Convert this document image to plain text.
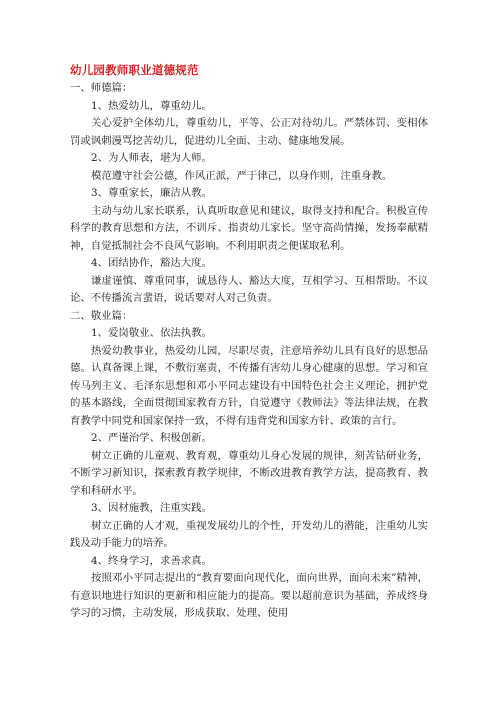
幼儿园教师职业道德规范
一、师德篇：
1、热爱幼儿，尊重幼儿。
关心爱护全体幼儿，尊重幼儿，平等、公正对待幼儿。严禁体罚、变相体罚或讽刺漫骂挖苦幼儿，促进幼儿全面、主动、健康地发展。
2、为人师表，堪为人师。
模范遵守社会公德，作风正派，严于律己，以身作则，注重身教。
3、尊重家长，廉洁从教。
主动与幼儿家长联系，认真听取意见和建议，取得支持和配合。积极宣传科学的教育思想和方法，不训斥、指责幼儿家长。坚守高尚情操，发扬奉献精神，自觉抵制社会不良风气影响。不利用职责之便谋取私利。
4、团结协作，豁达大度。
谦虚谨慎、尊重同事，诚恳待人、豁达大度，互相学习、互相帮助。不议论、不传播流言蜚语，说话要对人对己负责。
二、敬业篇：
1、爱岗敬业、依法执教。
热爱幼教事业，热爱幼儿园，尽职尽责，注意培养幼儿具有良好的思想品德。认真备课上课，不敷衍塞责，不传播有害幼儿身心健康的思想。学习和宣传马列主义、毛泽东思想和邓小平同志建设有中国特色社会主义理论，拥护党的基本路线，全面贯彻国家教育方针，自觉遵守《教师法》等法律法规，在教育教学中同党和国家保持一致，不得有违背党和国家方针、政策的言行。
2、严谨治学、积极创新。
树立正确的儿童观、教育观，尊重幼儿身心发展的规律，刻苦钻研业务，不断学习新知识，探索教育教学规律，不断改进教育教学方法，提高教育、教学和科研水平。
3、因材施教，注重实践。
树立正确的人才观，重视发展幼儿的个性，开发幼儿的潜能，注重幼儿实践及动手能力的培养。
4、终身学习，求善求真。
按照邓小平同志提出的“教育要面向现代化，面向世界，面向未来”精神，有意识地进行知识的更新和相应能力的提高。要以超前意识为基础，养成终身学习的习惯，主动发展，形成获取、处理、使用
